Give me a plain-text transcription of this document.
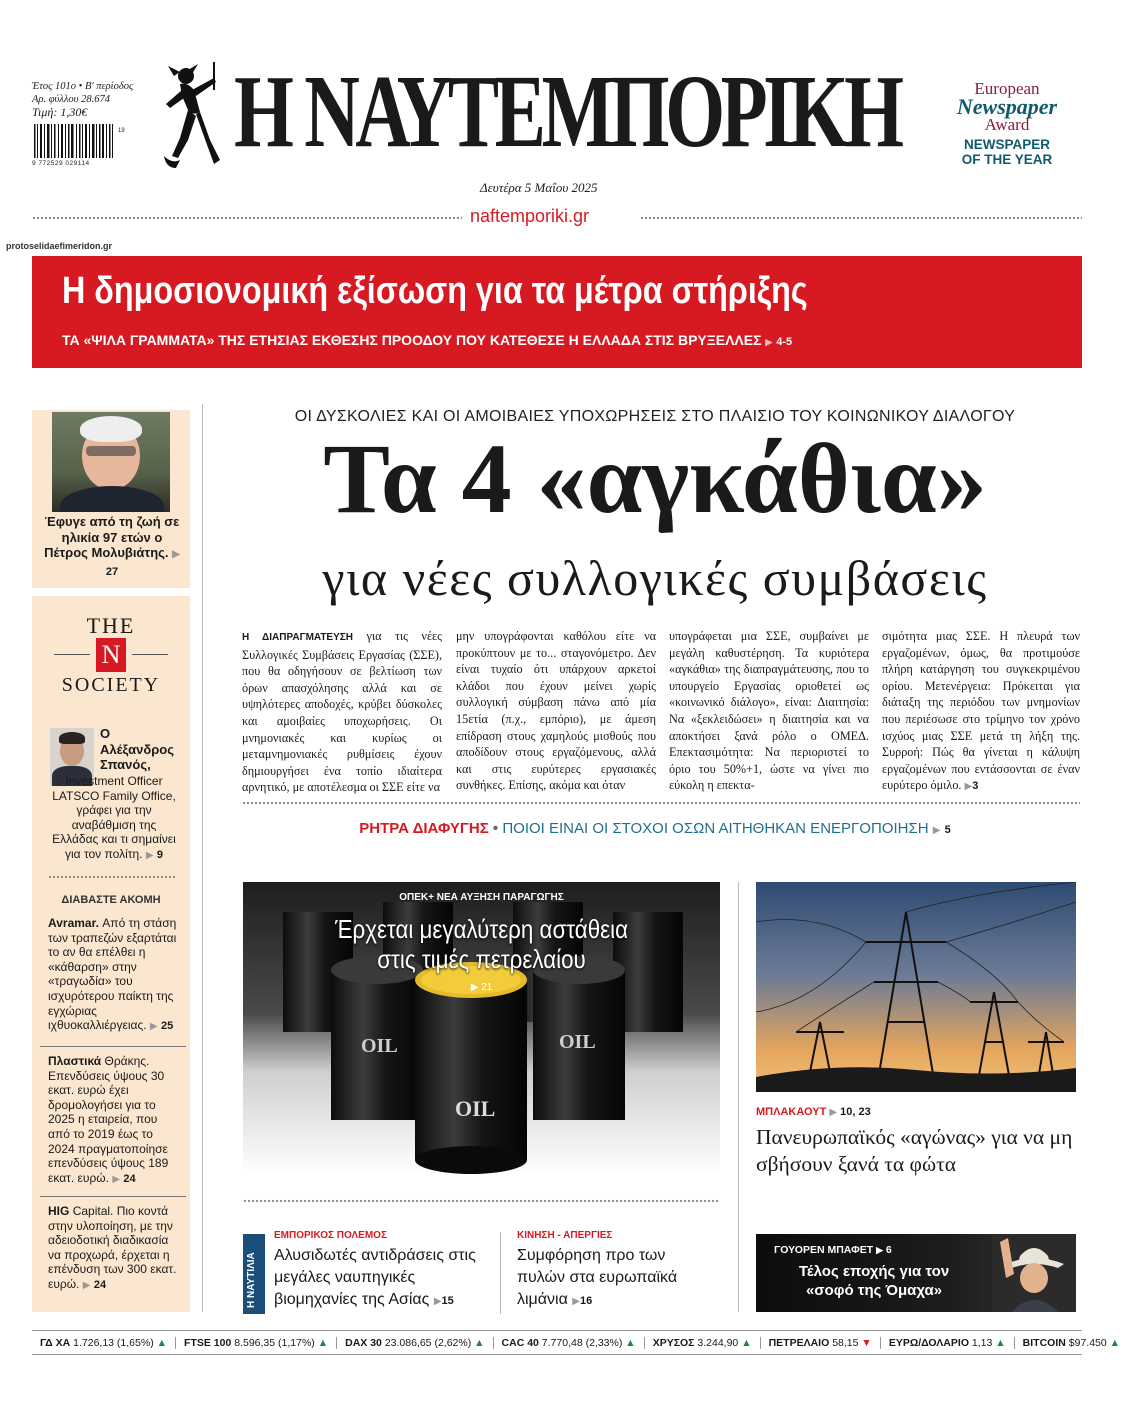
Έτος 101ο • Β' περίοδος
Αρ. φύλλου 28.674
Τιμή: 1,30€
9 772529 029114
19 Η ΝΑΥΤΕΜΠΟΡΙΚΗ
Δευτέρα 5 Μαΐου 2025
European
Newspaper
Award
NEWSPAPER
OF THE YEAR
naftemporiki.gr
protoselidaefimeridon.gr
Η δημοσιονομική εξίσωση για τα μέτρα στήριξης
ΤΑ «ΨΙΛΑ ΓΡΑΜΜΑΤΑ» ΤΗΣ ΕΤΗΣΙΑΣ ΕΚΘΕΣΗΣ ΠΡΟΟΔΟΥ ΠΟΥ ΚΑΤΕΘΕΣΕ Η ΕΛΛΑΔΑ ΣΤΙΣ ΒΡΥΞΕΛΛΕΣ ▶ 4-5
Έφυγε από τη ζωή σε ηλικία 97 ετών ο Πέτρος Μολυβιάτης. ▶ 27
THE
N
SOCIETY
Ο Αλέξανδρος Σπανός,
Investment Officer LATSCO Family Office, γράφει για την αναβάθμιση της Ελλάδας και τι σημαίνει για τον πολίτη. ▶ 9
ΔΙΑΒΑΣΤΕ ΑΚΟΜΗ
Avramar. Από τη στάση των τραπεζών εξαρτάται το αν θα επέλθει η «κάθαρση» στην «τραγωδία» του ισχυρότερου παίκτη της εγχώριας ιχθυοκαλλιέργειας. ▶ 25
Πλαστικά Θράκης. Επενδύσεις ύψους 30 εκατ. ευρώ έχει δρομολογήσει για το 2025 η εταιρεία, που από το 2019 έως το 2024 πραγματοποίησε επενδύσεις ύψους 189 εκατ. ευρώ. ▶ 24
HIG Capital. Πιο κοντά στην υλοποίηση, με την αδειοδοτική διαδικασία να προχωρά, έρχεται η επένδυση των 300 εκατ. ευρώ. ▶ 24
ΟΙ ΔΥΣΚΟΛΙΕΣ ΚΑΙ ΟΙ ΑΜΟΙΒΑΙΕΣ ΥΠΟΧΩΡΗΣΕΙΣ ΣΤΟ ΠΛΑΙΣΙΟ ΤΟΥ ΚΟΙΝΩΝΙΚΟΥ ΔΙΑΛΟΓΟΥ
Τα 4 «αγκάθια»
για νέες συλλογικές συμβάσεις

Η ΔΙΑΠΡΑΓΜΑΤΕΥΣΗ για τις νέες Συλλογικές Συμβάσεις Εργασίας (ΣΣΕ), που θα οδηγήσουν σε βελτίωση των όρων απασχόλησης αλλά και σε υψηλότερες αποδοχές, κρύβει δύσκολες και αμοιβαίες υποχωρήσεις. Οι μνημονιακές και κυρίως οι μεταμνημονιακές ρυθμίσεις έχουν δημιουργήσει ένα τοπίο ιδιαίτερα αρνητικό, με αποτέλεσμα οι ΣΣΕ είτε να

μην υπογράφονται καθόλου είτε να προκύπτουν με το... σταγονόμετρο. Δεν είναι τυχαίο ότι υπάρχουν αρκετοί κλάδοι που έχουν μείνει χωρίς συλλογική σύμβαση πάνω από μία 15ετία (π.χ., εμπόριο), με άμεση επίδραση στους χαμηλούς μισθούς που αποδίδουν στους εργαζόμενους, αλλά και στις ευρύτερες εργασιακές συνθήκες. Επίσης, ακόμα και όταν

υπογράφεται μια ΣΣΕ, συμβαίνει με μεγάλη καθυστέρηση. Τα κυριότερα «αγκάθια» της διαπραγμάτευσης, που το υπουργείο Εργασίας οριοθετεί ως «κοινωνικό διάλογο», είναι: Διαιτησία: Να «ξεκλειδώσει» η διαιτησία και να αποκτήσει ξανά ρόλο ο ΟΜΕΔ. Επεκτασιμότητα: Να περιοριστεί το όριο του 50%+1, ώστε να γίνει πιο εύκολη η επεκτα-

σιμότητα μιας ΣΣΕ. Η πλευρά των εργαζομένων, όμως, θα προτιμούσε πλήρη κατάργηση του συγκεκριμένου ορίου. Μετενέργεια: Πρόκειται για διάταξη της περιόδου των μνημονίων που περιέσωσε στο τρίμηνο τον χρόνο ισχύος μιας ΣΣΕ μετά τη λήξη της. Συρροή: Πώς θα γίνεται η κάλυψη εργαζομένων που εντάσσονται σε έναν ευρύτερο όμιλο. ▶3

ΡΗΤΡΑ ΔΙΑΦΥΓΗΣ • ΠΟΙΟΙ ΕΙΝΑΙ ΟΙ ΣΤΟΧΟΙ ΟΣΩΝ ΑΙΤΗΘΗΚΑΝ ΕΝΕΡΓΟΠΟΙΗΣΗ ▶ 5
OIL	OIL
OIL
ΟΠΕΚ+ ΝΕΑ ΑΥΞΗΣΗ ΠΑΡΑΓΩΓΗΣ
Έρχεται μεγαλύτερη αστάθεια
στις τιμές πετρελαίου
▶ 21
ΜΠΛΑΚΑΟΥΤ ▶ 10, 23
Πανευρωπαϊκός «αγώνας» για να μη σβήσουν ξανά τα φώτα
Η ΝΑΥΤΙΛΙΑ
ΕΜΠΟΡΙΚΟΣ ΠΟΛΕΜΟΣ
Αλυσιδωτές αντιδράσεις στις μεγάλες ναυπηγικές βιομηχανίες της Ασίας ▶15
ΚΙΝΗΣΗ - ΑΠΕΡΓΙΕΣ
Συμφόρηση προ των πυλών στα ευρωπαϊκά λιμάνια ▶16
ΓΟΥΟΡΕΝ ΜΠΑΦΕΤ ▶ 6
Τέλος εποχής για τον «σοφό της Όμαχα»
ΓΔ ΧΑ 1.726,13 (1,65%) ▲	FTSE 100 8.596,35 (1,17%) ▲	DAX 30 23.086,65 (2,62%) ▲	CAC 40 7.770,48 (2,33%) ▲	ΧΡΥΣΟΣ 3.244,90 ▲	ΠΕΤΡΕΛΑΙΟ 58,15 ▼	ΕΥΡΩ/ΔΟΛΑΡΙΟ 1,13 ▲	BITCOIN $97.450 ▲
